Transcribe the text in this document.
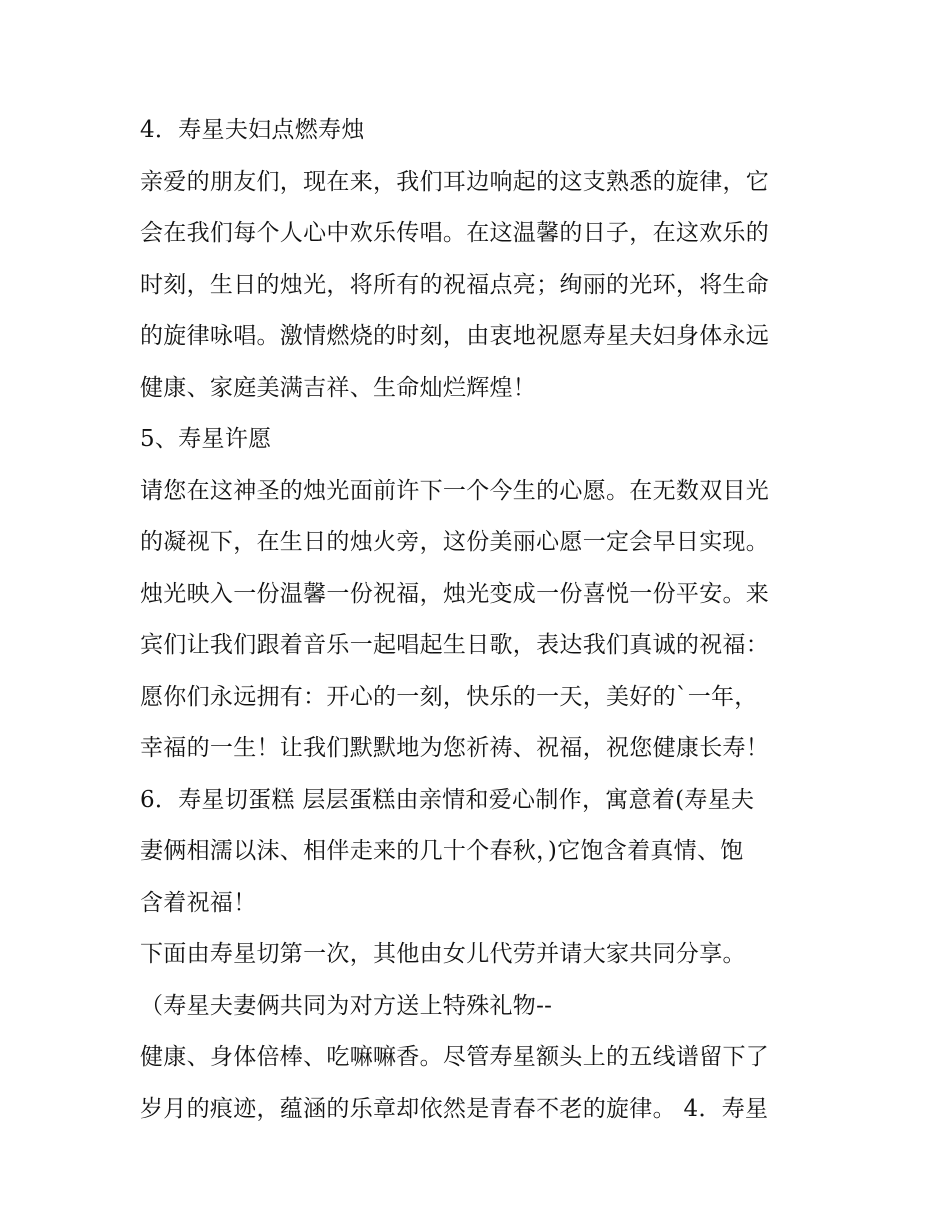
4．寿星夫妇点燃寿烛
亲爱的朋友们，现在来，我们耳边响起的这支熟悉的旋律，它
会在我们每个人心中欢乐传唱。在这温馨的日子，在这欢乐的
时刻，生日的烛光，将所有的祝福点亮；绚丽的光环，将生命
的旋律咏唱。激情燃烧的时刻，由衷地祝愿寿星夫妇身体永远
健康、家庭美满吉祥、生命灿烂辉煌！
5、寿星许愿
请您在这神圣的烛光面前许下一个今生的心愿。在无数双目光
的凝视下，在生日的烛火旁，这份美丽心愿一定会早日实现。
烛光映入一份温馨一份祝福，烛光变成一份喜悦一份平安。来
宾们让我们跟着音乐一起唱起生日歌，表达我们真诚的祝福：
愿你们永远拥有：开心的一刻，快乐的一天，美好的`一年，
幸福的一生！让我们默默地为您祈祷、祝福，祝您健康长寿！
6．寿星切蛋糕 层层蛋糕由亲情和爱心制作，寓意着(寿星夫
妻俩相濡以沫、相伴走来的几十个春秋，)它饱含着真情、饱
含着祝福！
下面由寿星切第一次，其他由女儿代劳并请大家共同分享。
（寿星夫妻俩共同为对方送上特殊礼物--
健康、身体倍棒、吃嘛嘛香。尽管寿星额头上的五线谱留下了
岁月的痕迹，蕴涵的乐章却依然是青春不老的旋律。 4．寿星
